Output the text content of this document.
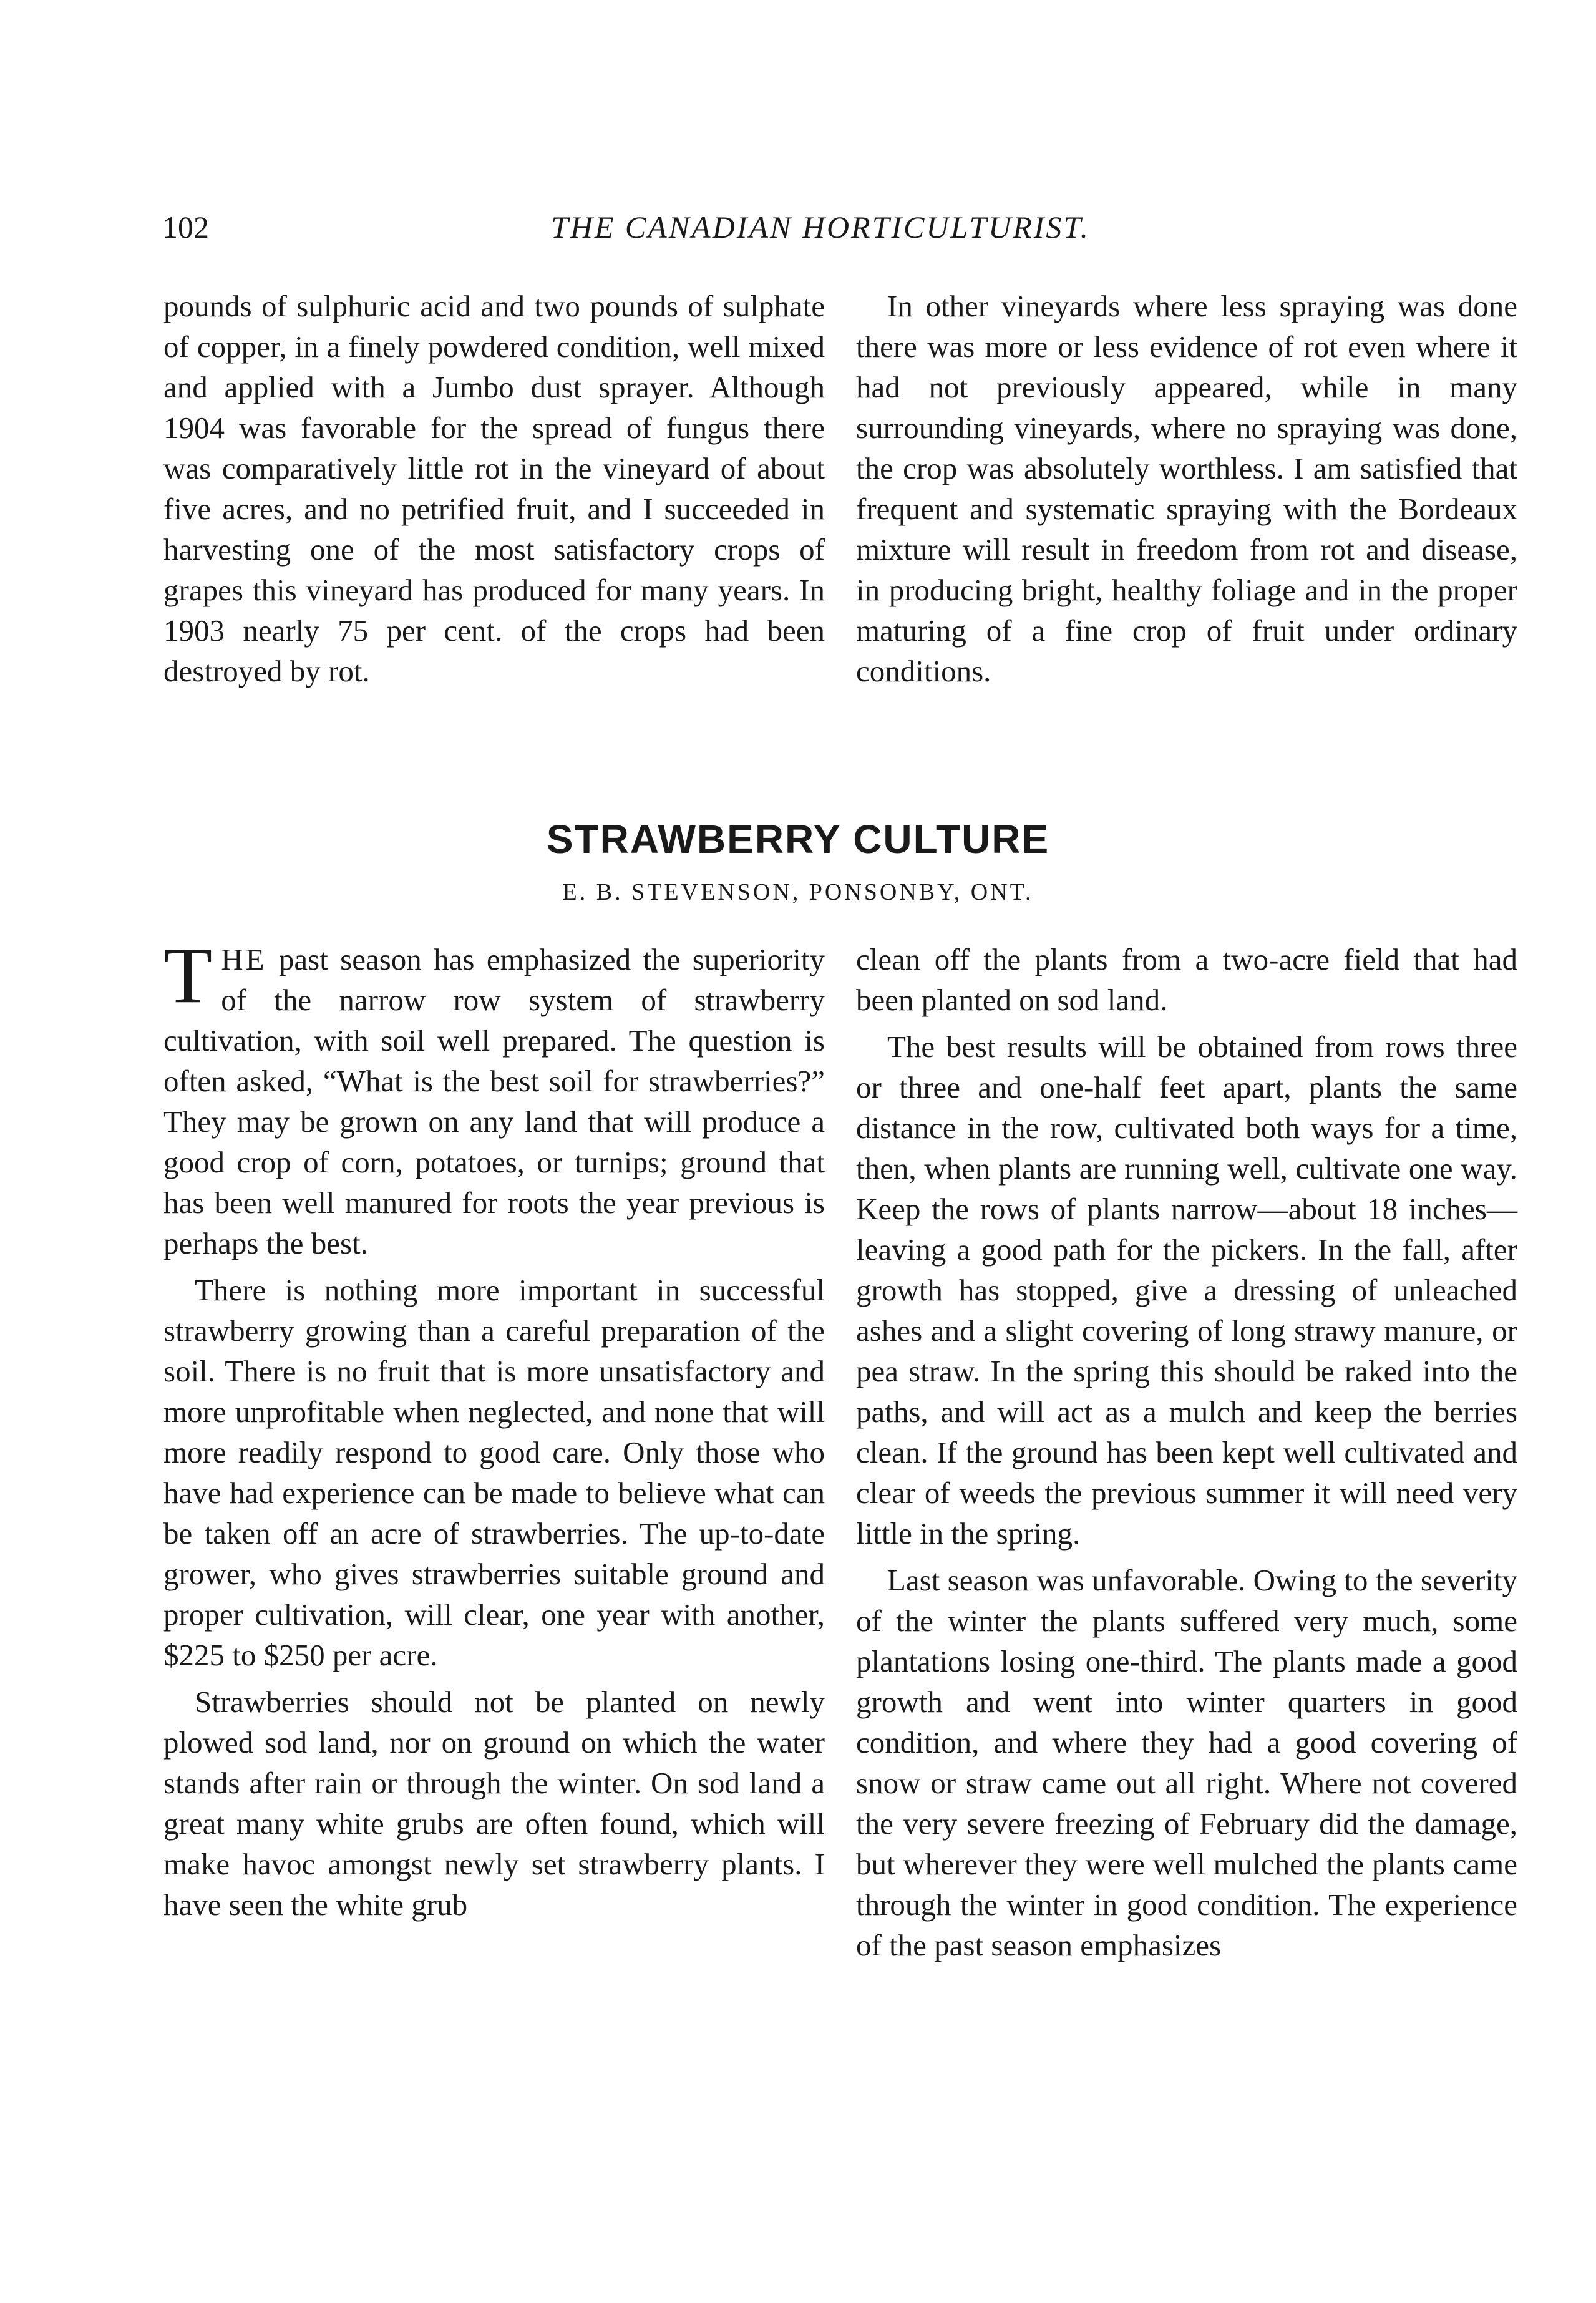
102	THE CANADIAN HORTICULTURIST.

pounds of sulphuric acid and two pounds of sulphate of copper, in a finely powdered condition, well mixed and applied with a Jumbo dust sprayer. Although 1904 was favorable for the spread of fungus there was comparatively little rot in the vineyard of about five acres, and no petrified fruit, and I succeeded in harvesting one of the most satisfactory crops of grapes this vineyard has produced for many years. In 1903 nearly 75 per cent. of the crops had been destroyed by rot.

In other vineyards where less spraying was done there was more or less evidence of rot even where it had not previously appeared, while in many surrounding vineyards, where no spraying was done, the crop was absolutely worthless. I am satisfied that frequent and systematic spraying with the Bordeaux mixture will result in freedom from rot and disease, in producing bright, healthy foliage and in the proper maturing of a fine crop of fruit under ordinary conditions.

STRAWBERRY CULTURE
E. B. STEVENSON, PONSONBY, ONT.

THE past season has emphasized the superiority of the narrow row system of strawberry cultivation, with soil well prepared. The question is often asked, “What is the best soil for strawberries?” They may be grown on any land that will produce a good crop of corn, potatoes, or turnips; ground that has been well manured for roots the year previous is perhaps the best.

There is nothing more important in successful strawberry growing than a careful preparation of the soil. There is no fruit that is more unsatisfactory and more unprofitable when neglected, and none that will more readily respond to good care. Only those who have had experience can be made to believe what can be taken off an acre of strawberries. The up-to-date grower, who gives strawberries suitable ground and proper cultivation, will clear, one year with another, $225 to $250 per acre.

Strawberries should not be planted on newly plowed sod land, nor on ground on which the water stands after rain or through the winter. On sod land a great many white grubs are often found, which will make havoc amongst newly set strawberry plants. I have seen the white grub

clean off the plants from a two-acre field that had been planted on sod land.

The best results will be obtained from rows three or three and one-half feet apart, plants the same distance in the row, cultivated both ways for a time, then, when plants are running well, cultivate one way. Keep the rows of plants narrow—about 18 inches—leaving a good path for the pickers. In the fall, after growth has stopped, give a dressing of unleached ashes and a slight covering of long strawy manure, or pea straw. In the spring this should be raked into the paths, and will act as a mulch and keep the berries clean. If the ground has been kept well cultivated and clear of weeds the previous summer it will need very little in the spring.

Last season was unfavorable. Owing to the severity of the winter the plants suffered very much, some plantations losing one-third. The plants made a good growth and went into winter quarters in good condition, and where they had a good covering of snow or straw came out all right. Where not covered the very severe freezing of February did the damage, but wherever they were well mulched the plants came through the winter in good condition. The experience of the past season emphasizes
